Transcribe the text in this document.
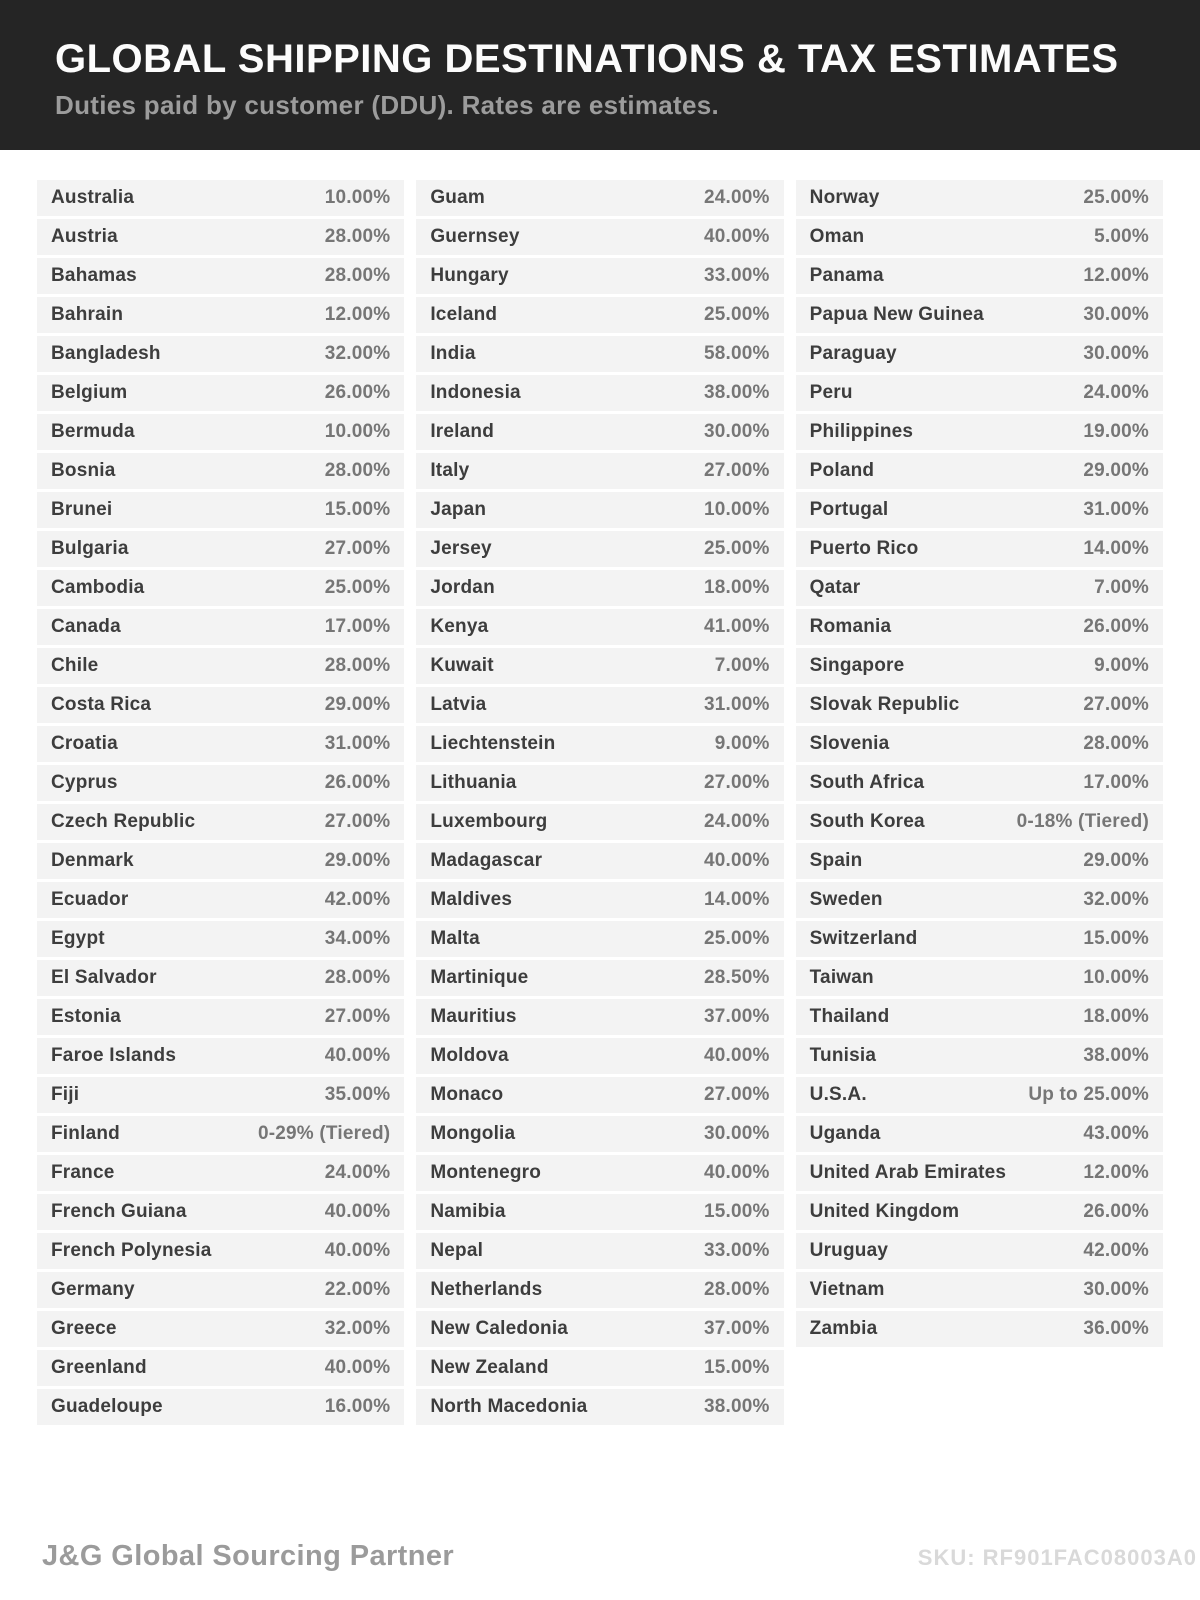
GLOBAL SHIPPING DESTINATIONS & TAX ESTIMATES
Duties paid by customer (DDU). Rates are estimates.
Australia	10.00%
Austria	28.00%
Bahamas	28.00%
Bahrain	12.00%
Bangladesh	32.00%
Belgium	26.00%
Bermuda	10.00%
Bosnia	28.00%
Brunei	15.00%
Bulgaria	27.00%
Cambodia	25.00%
Canada	17.00%
Chile	28.00%
Costa Rica	29.00%
Croatia	31.00%
Cyprus	26.00%
Czech Republic	27.00%
Denmark	29.00%
Ecuador	42.00%
Egypt	34.00%
El Salvador	28.00%
Estonia	27.00%
Faroe Islands	40.00%
Fiji	35.00%
Finland	0-29% (Tiered)
France	24.00%
French Guiana	40.00%
French Polynesia	40.00%
Germany	22.00%
Greece	32.00%
Greenland	40.00%
Guadeloupe	16.00%
Guam	24.00%
Guernsey	40.00%
Hungary	33.00%
Iceland	25.00%
India	58.00%
Indonesia	38.00%
Ireland	30.00%
Italy	27.00%
Japan	10.00%
Jersey	25.00%
Jordan	18.00%
Kenya	41.00%
Kuwait	7.00%
Latvia	31.00%
Liechtenstein	9.00%
Lithuania	27.00%
Luxembourg	24.00%
Madagascar	40.00%
Maldives	14.00%
Malta	25.00%
Martinique	28.50%
Mauritius	37.00%
Moldova	40.00%
Monaco	27.00%
Mongolia	30.00%
Montenegro	40.00%
Namibia	15.00%
Nepal	33.00%
Netherlands	28.00%
New Caledonia	37.00%
New Zealand	15.00%
North Macedonia	38.00%
Norway	25.00%
Oman	5.00%
Panama	12.00%
Papua New Guinea	30.00%
Paraguay	30.00%
Peru	24.00%
Philippines	19.00%
Poland	29.00%
Portugal	31.00%
Puerto Rico	14.00%
Qatar	7.00%
Romania	26.00%
Singapore	9.00%
Slovak Republic	27.00%
Slovenia	28.00%
South Africa	17.00%
South Korea	0-18% (Tiered)
Spain	29.00%
Sweden	32.00%
Switzerland	15.00%
Taiwan	10.00%
Thailand	18.00%
Tunisia	38.00%
U.S.A.	Up to 25.00%
Uganda	43.00%
United Arab Emirates	12.00%
United Kingdom	26.00%
Uruguay	42.00%
Vietnam	30.00%
Zambia	36.00%
J&G Global Sourcing Partner	SKU: RF901FAC08003A0
